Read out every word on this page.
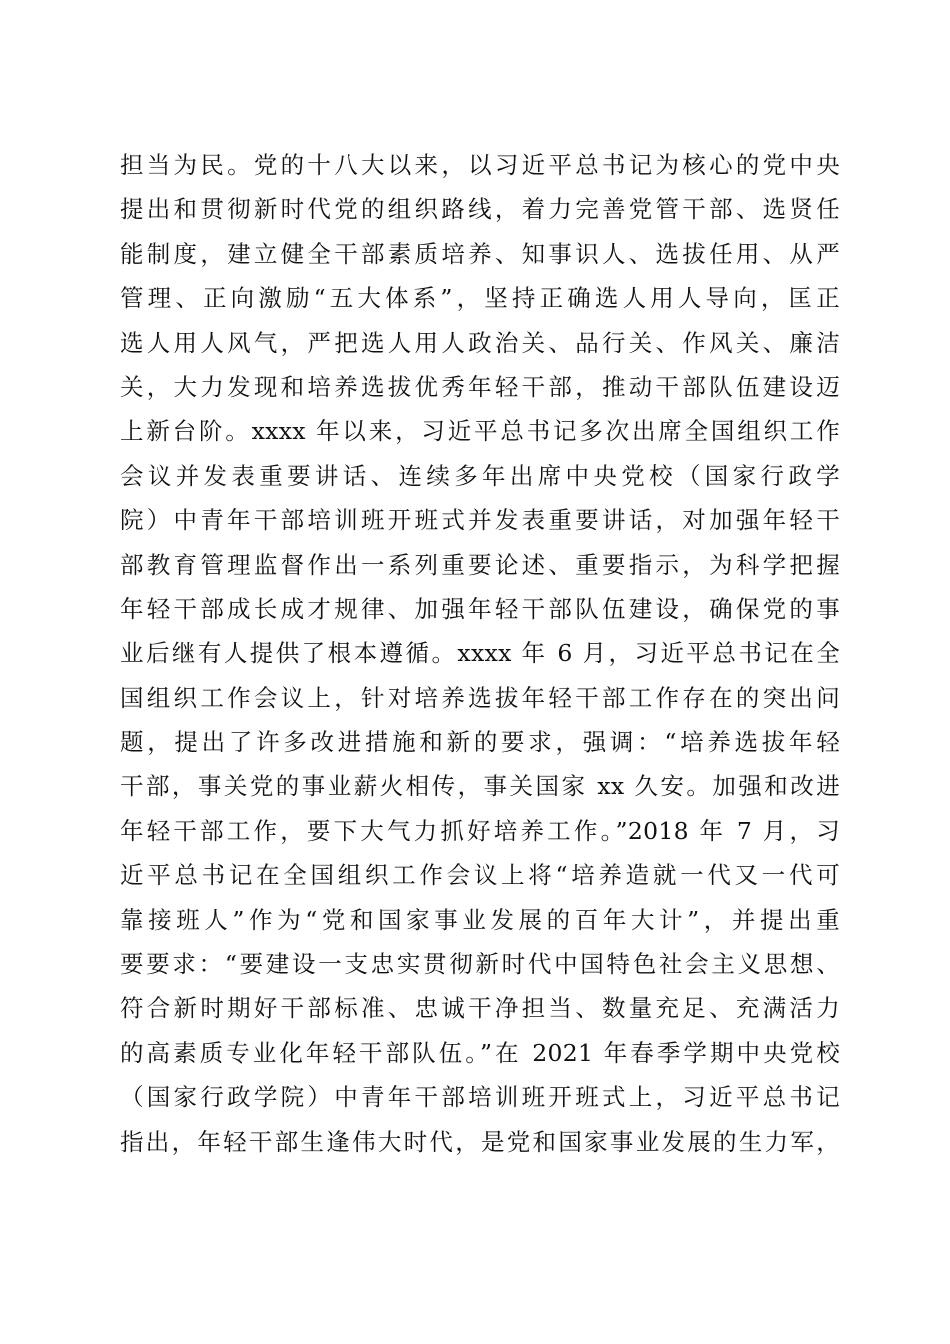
担当为民。党的十八大以来，以习近平总书记为核心的党中央
提出和贯彻新时代党的组织路线，着力完善党管干部、选贤任
能制度，建立健全干部素质培养、知事识人、选拔任用、从严
管理、正向激励“五大体系”，坚持正确选人用人导向，匡正
选人用人风气，严把选人用人政治关、品行关、作风关、廉洁
关，大力发现和培养选拔优秀年轻干部，推动干部队伍建设迈
上新台阶。xxxx 年以来，习近平总书记多次出席全国组织工作
会议并发表重要讲话、连续多年出席中央党校（国家行政学
院）中青年干部培训班开班式并发表重要讲话，对加强年轻干
部教育管理监督作出一系列重要论述、重要指示，为科学把握
年轻干部成长成才规律、加强年轻干部队伍建设，确保党的事
业后继有人提供了根本遵循。xxxx 年 6 月，习近平总书记在全
国组织工作会议上，针对培养选拔年轻干部工作存在的突出问
题，提出了许多改进措施和新的要求，强调：“培养选拔年轻
干部，事关党的事业薪火相传，事关国家 xx 久安。加强和改进
年轻干部工作，要下大气力抓好培养工作。”2018 年 7 月，习
近平总书记在全国组织工作会议上将“培养造就一代又一代可
靠接班人”作为“党和国家事业发展的百年大计”，并提出重
要要求：“要建设一支忠实贯彻新时代中国特色社会主义思想、
符合新时期好干部标准、忠诚干净担当、数量充足、充满活力
的高素质专业化年轻干部队伍。”在 2021 年春季学期中央党校
（国家行政学院）中青年干部培训班开班式上，习近平总书记
指出，年轻干部生逢伟大时代，是党和国家事业发展的生力军，
